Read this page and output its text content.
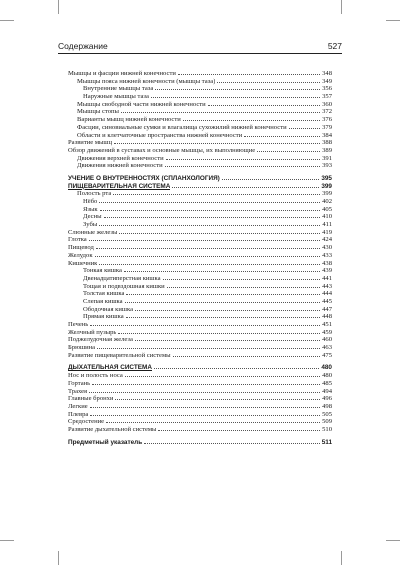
Содержание	527
Мышцы и фасции нижней конечности	348
Мышцы пояса нижней конечности (мышцы таза)	349
Внутренние мышцы таза	356
Наружные мышцы таза	357
Мышцы свободной части нижней конечности	360
Мышцы стопы	372
Варианты мышц нижней конечности	376
Фасции, синовиальные сумки и влагалища сухожилий нижней конечности	379
Области и клетчаточные пространства нижней конечности	384
Развитие мышц	388
Обзор движений в суставах и основные мышцы, их выполняющие	389
Движения верхней конечности	391
Движения нижней конечности	393
УЧЕНИЕ О ВНУТРЕННОСТЯХ (СПЛАНХОЛОГИЯ)	395
ПИЩЕВАРИТЕЛЬНАЯ СИСТЕМА	399
Полость рта	399
Нёбо	402
Язык	405
Десны	410
Зубы	411
Слюнные железы	419
Глотка	424
Пищевод	430
Желудок	433
Кишечник	438
Тонкая кишка	439
Двенадцатиперстная кишка	441
Тощая и подвздошная кишки	443
Толстая кишка	444
Слепая кишка	445
Ободочная кишка	447
Прямая кишка	448
Печень	451
Желчный пузырь	459
Поджелудочная железа	460
Брюшина	463
Развитие пищеварительной системы	475
ДЫХАТЕЛЬНАЯ СИСТЕМА	480
Нос и полость носа	480
Гортань	485
Трахея	494
Главные бронхи	496
Легкие	498
Плевра	505
Средостение	509
Развитие дыхательной системы	510
Предметный указатель	511
